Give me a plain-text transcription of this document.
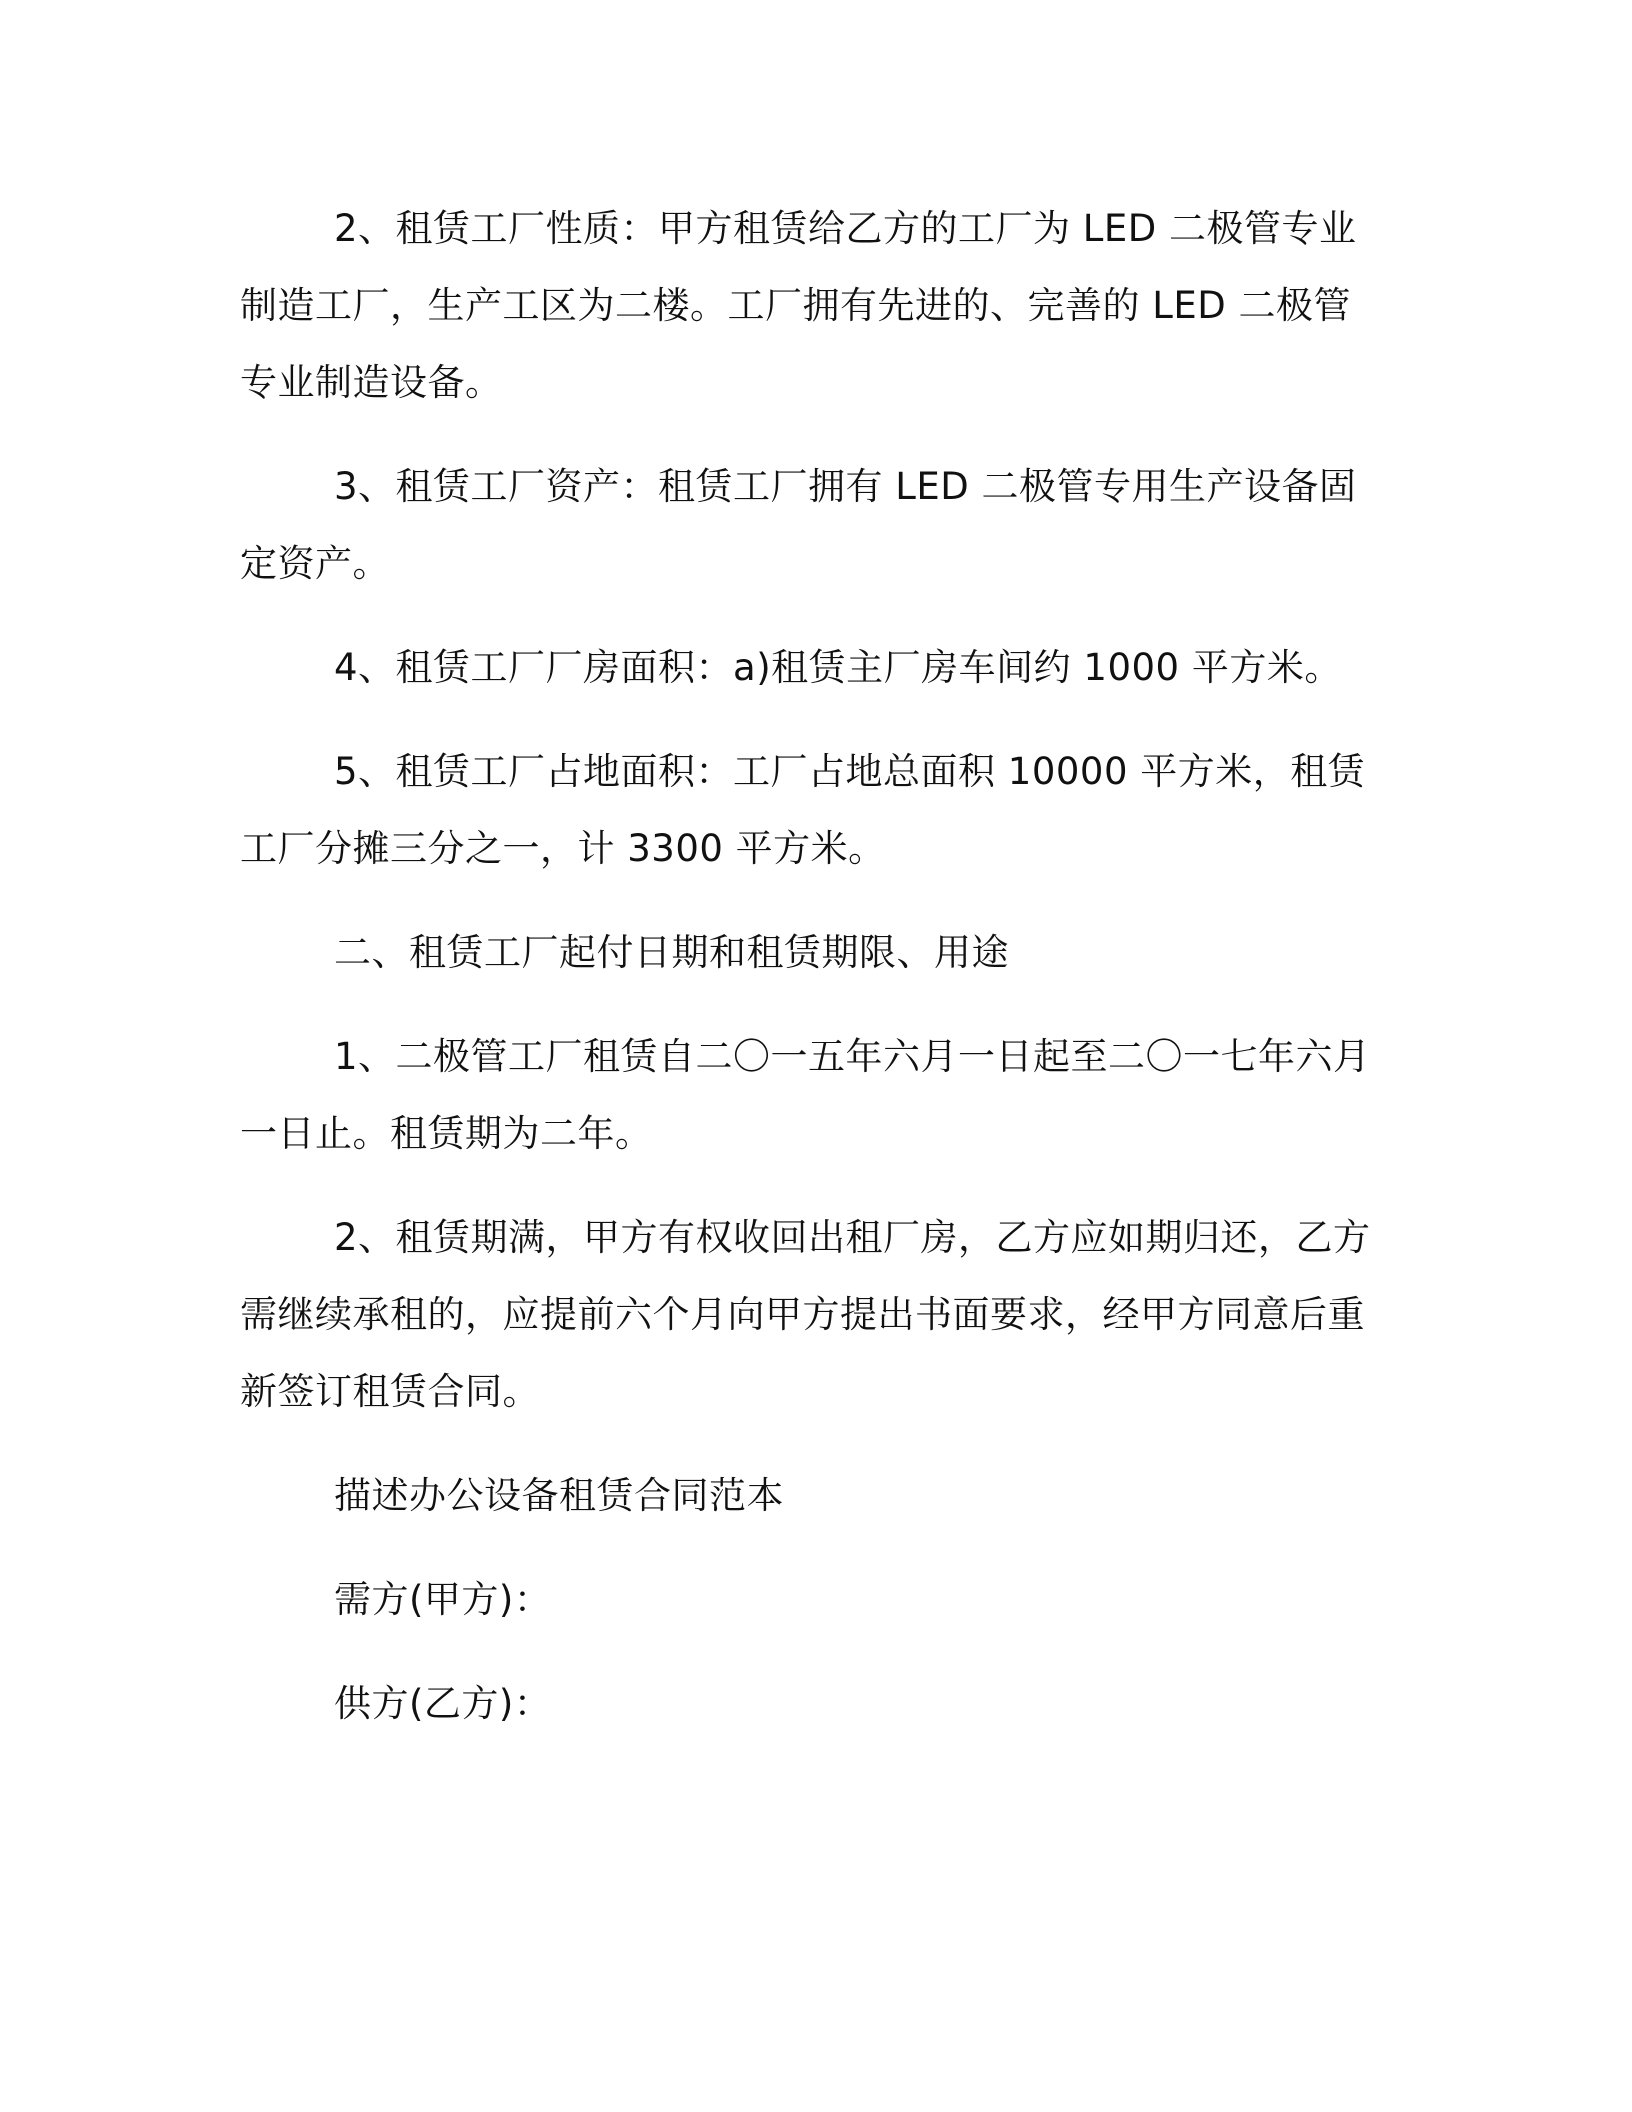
2、租赁工厂性质：甲方租赁给乙方的工厂为 LED 二极管专业制造工厂，生产工区为二楼。工厂拥有先进的、完善的 LED 二极管专业制造设备。

3、租赁工厂资产：租赁工厂拥有 LED 二极管专用生产设备固定资产。

4、租赁工厂厂房面积：a)租赁主厂房车间约 1000 平方米。

5、租赁工厂占地面积：工厂占地总面积 10000 平方米，租赁工厂分摊三分之一，计 3300 平方米。

二、租赁工厂起付日期和租赁期限、用途

1、二极管工厂租赁自二〇一五年六月一日起至二〇一七年六月一日止。租赁期为二年。

2、租赁期满，甲方有权收回出租厂房，乙方应如期归还，乙方需继续承租的，应提前六个月向甲方提出书面要求，经甲方同意后重新签订租赁合同。

描述办公设备租赁合同范本

需方(甲方)：

供方(乙方)：
